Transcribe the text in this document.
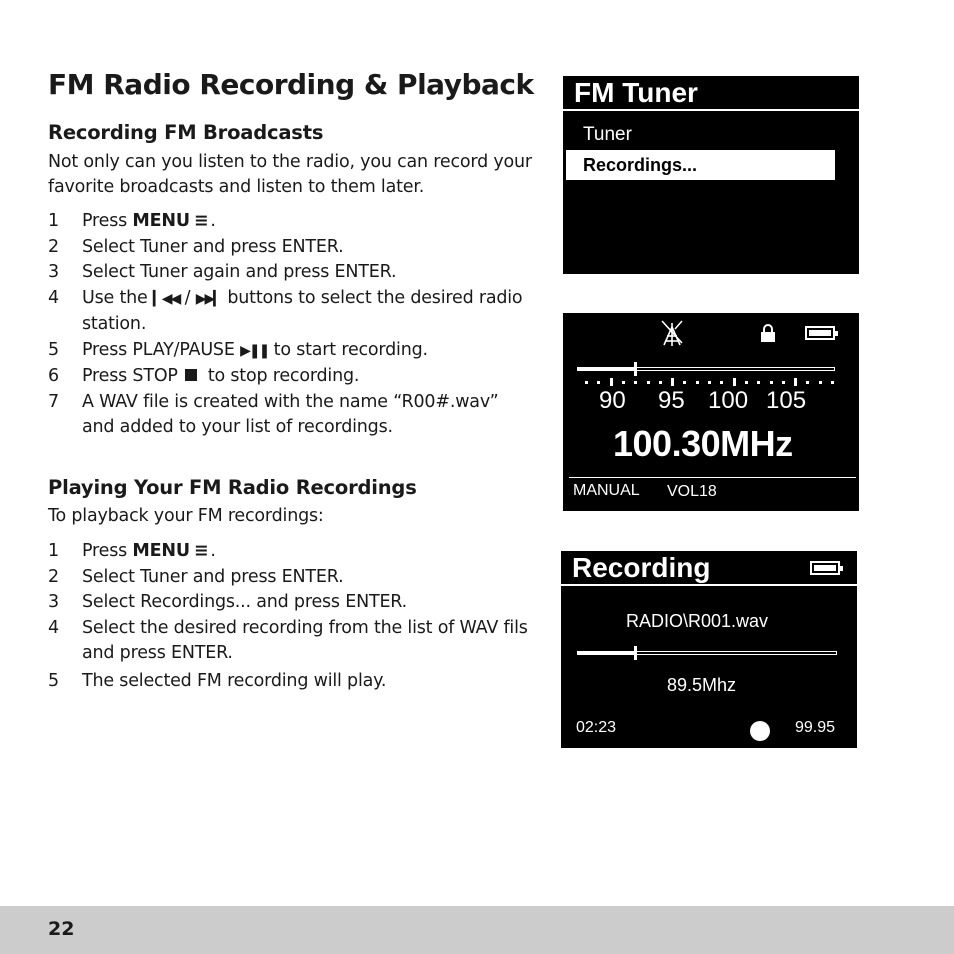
FM Radio Recording & Playback
Recording FM Broadcasts

Not only can you listen to the radio, you can record your favorite broadcasts and listen to them later.

1	Press MENU ≡ .
2	Select Tuner and press ENTER.
3	Select Tuner again and press ENTER.
4	Use the ▎◀◀ / ▶▶▎ buttons to select the desired radio station.
5	Press PLAY/PAUSE ▶❚❚ to start recording.
6	Press STOP   to stop recording.
7	A WAV file is created with the name “R00#.wav” and added to your list of recordings.
Playing Your FM Radio Recordings

To playback your FM recordings:

1	Press MENU ≡ .
2	Select Tuner and press ENTER.
3	Select Recordings... and press ENTER.
4	Select the desired recording from the list of WAV fils and press ENTER.
5	The selected FM recording will play.
FM Tuner
Tuner
Recordings...
90 95 100 105
100.30MHz
MANUAL VOL18
Recording
RADIO\R001.wav
89.5Mhz
02:23	99.95
22
